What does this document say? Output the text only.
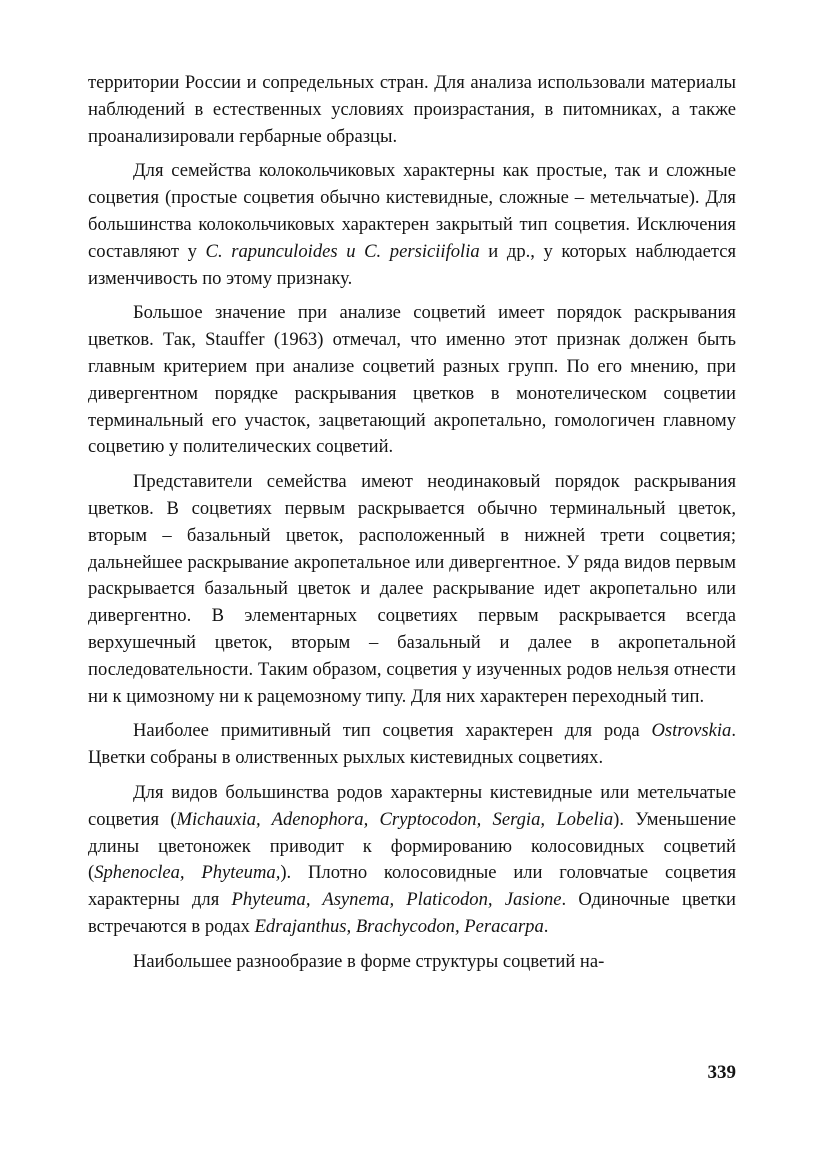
территории России и сопредельных стран. Для анализа использовали материалы наблюдений в естественных условиях произрастания, в питомниках, а также проанализировали гербарные образцы.

Для семейства колокольчиковых характерны как простые, так и сложные соцветия (простые соцветия обычно кистевидные, сложные – метельчатые). Для большинства колокольчиковых характерен закрытый тип соцветия. Исключения составляют у C. rapunculoides и C. persiciifolia и др., у которых наблюдается изменчивость по этому признаку.

Большое значение при анализе соцветий имеет порядок раскрывания цветков. Так, Stauffer (1963) отмечал, что именно этот признак должен быть главным критерием при анализе соцветий разных групп. По его мнению, при дивергентном порядке раскрывания цветков в монотелическом соцветии терминальный его участок, зацветающий акропетально, гомологичен главному соцветию у полителических соцветий.

Представители семейства имеют неодинаковый порядок раскрывания цветков. В соцветиях первым раскрывается обычно терминальный цветок, вторым – базальный цветок, расположенный в нижней трети соцветия; дальнейшее раскрывание акропетальное или дивергентное. У ряда видов первым раскрывается базальный цветок и далее раскрывание идет акропетально или дивергентно. В элементарных соцветиях первым раскрывается всегда верхушечный цветок, вторым – базальный и далее в акропетальной последовательности. Таким образом, соцветия у изученных родов нельзя отнести ни к цимозному ни к рацемозному типу. Для них характерен переходный тип.

Наиболее примитивный тип соцветия характерен для рода Ostrovskia. Цветки собраны в олиственных рыхлых кистевидных соцветиях.

Для видов большинства родов характерны кистевидные или метельчатые соцветия (Michauxia, Adenophora, Cryptocodon, Sergia, Lobelia). Уменьшение длины цветоножек приводит к формированию колосовидных соцветий (Sphenoclea, Phyteuma,). Плотно колосовидные или головчатые соцветия характерны для Phyteuma, Asynema, Platicodon, Jasione. Одиночные цветки встречаются в родах Edrajanthus, Brachycodon, Peracarpa.

Наибольшее разнообразие в форме структуры соцветий на-

339
